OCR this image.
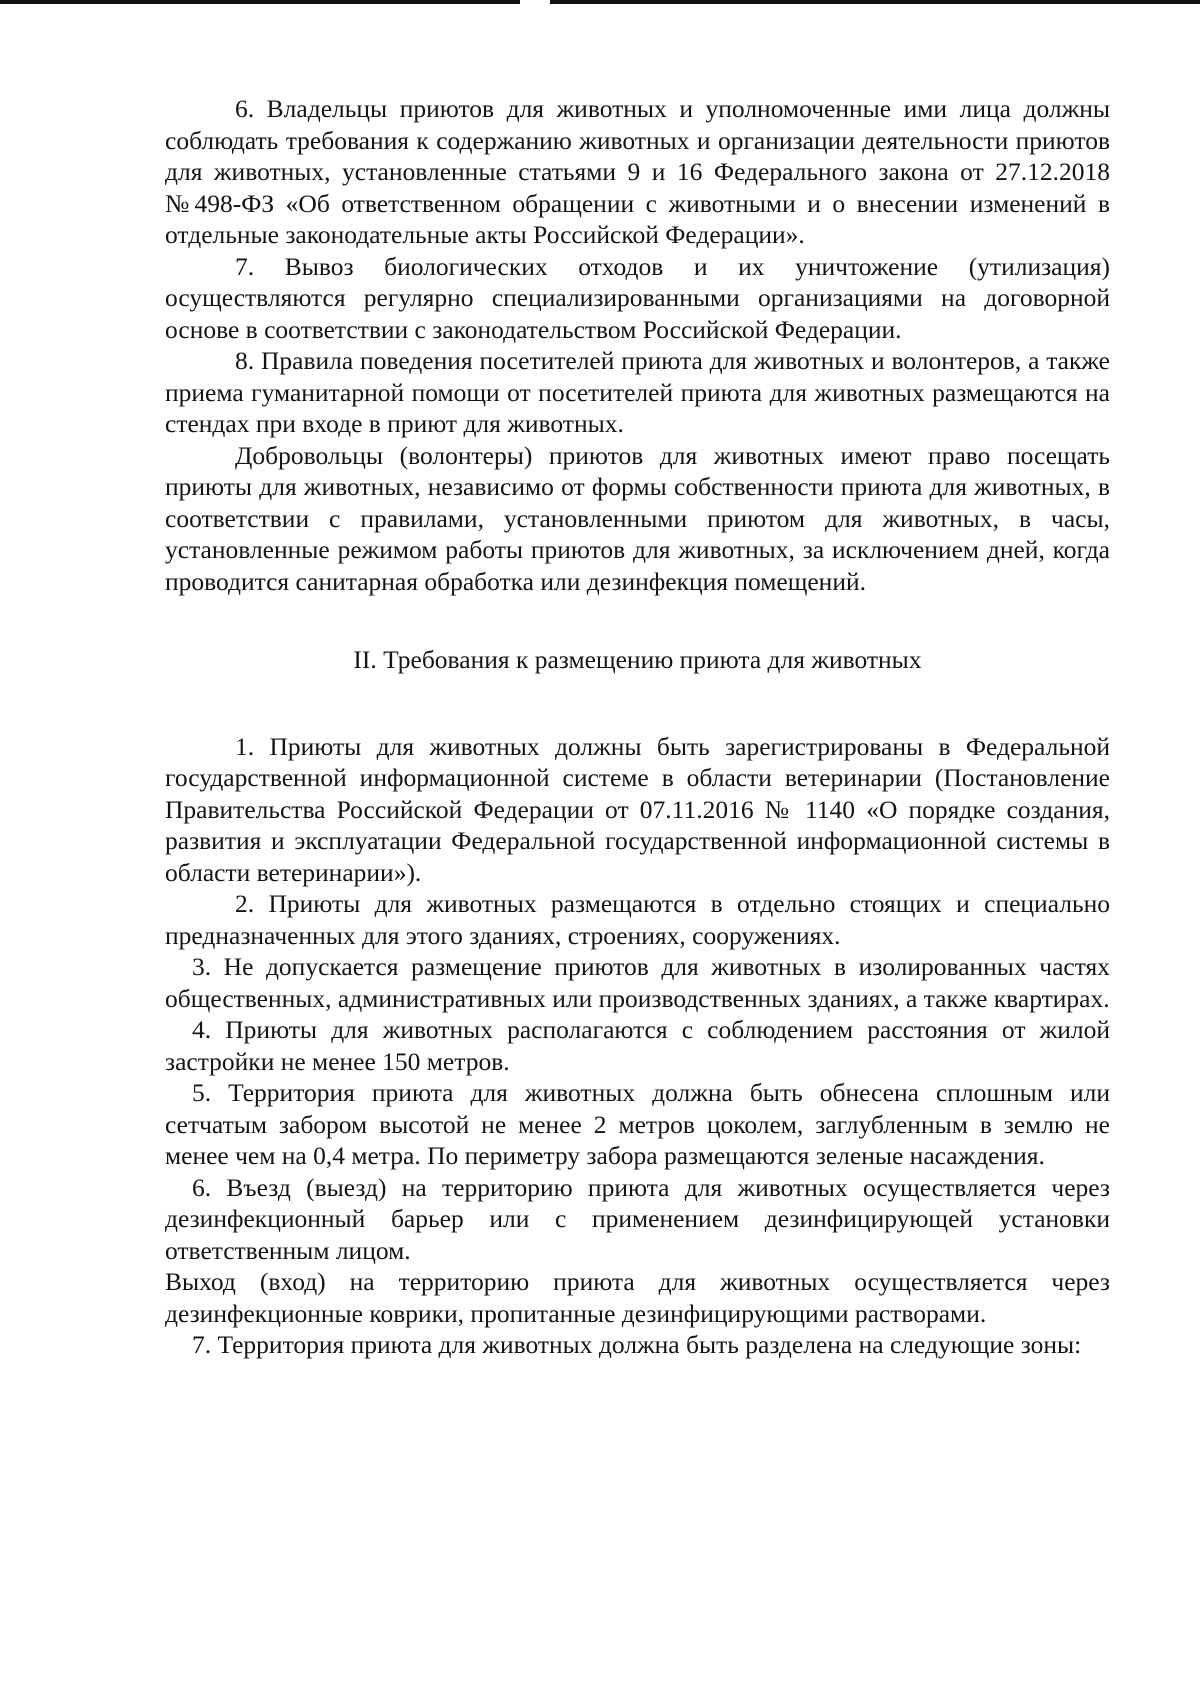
6. Владельцы приютов для животных и уполномоченные ими лица должны соблюдать требования к содержанию животных и организации деятельности приютов для животных, установленные статьями 9 и 16 Федерального закона от 27.12.2018 №498-ФЗ «Об ответственном обращении с животными и о внесении изменений в отдельные законодательные акты Российской Федерации».

7. Вывоз биологических отходов и их уничтожение (утилизация) осуществляются регулярно специализированными организациями на договорной основе в соответствии с законодательством Российской Федерации.

8. Правила поведения посетителей приюта для животных и волонтеров, а также приема гуманитарной помощи от посетителей приюта для животных размещаются на стендах при входе в приют для животных.

Добровольцы (волонтеры) приютов для животных имеют право посещать приюты для животных, независимо от формы собственности приюта для животных, в соответствии с правилами, установленными приютом для животных, в часы, установленные режимом работы приютов для животных, за исключением дней, когда проводится санитарная обработка или дезинфекция помещений.

II. Требования к размещению приюта для животных

1. Приюты для животных должны быть зарегистрированы в Федеральной государственной информационной системе в области ветеринарии (Постановление Правительства Российской Федерации от 07.11.2016 № 1140 «О порядке создания, развития и эксплуатации Федеральной государственной информационной системы в области ветеринарии»).

2. Приюты для животных размещаются в отдельно стоящих и специально предназначенных для этого зданиях, строениях, сооружениях.

3. Не допускается размещение приютов для животных в изолированных частях общественных, административных или производственных зданиях, а также квартирах.

4. Приюты для животных располагаются с соблюдением расстояния от жилой застройки не менее 150 метров.

5. Территория приюта для животных должна быть обнесена сплошным или сетчатым забором высотой не менее 2 метров цоколем, заглубленным в землю не менее чем на 0,4 метра. По периметру забора размещаются зеленые насаждения.

6. Въезд (выезд) на территорию приюта для животных осуществляется через дезинфекционный барьер или с применением дезинфицирующей установки ответственным лицом.

Выход (вход) на территорию приюта для животных осуществляется через дезинфекционные коврики, пропитанные дезинфицирующими растворами.

7. Территория приюта для животных должна быть разделена на следующие зоны:
